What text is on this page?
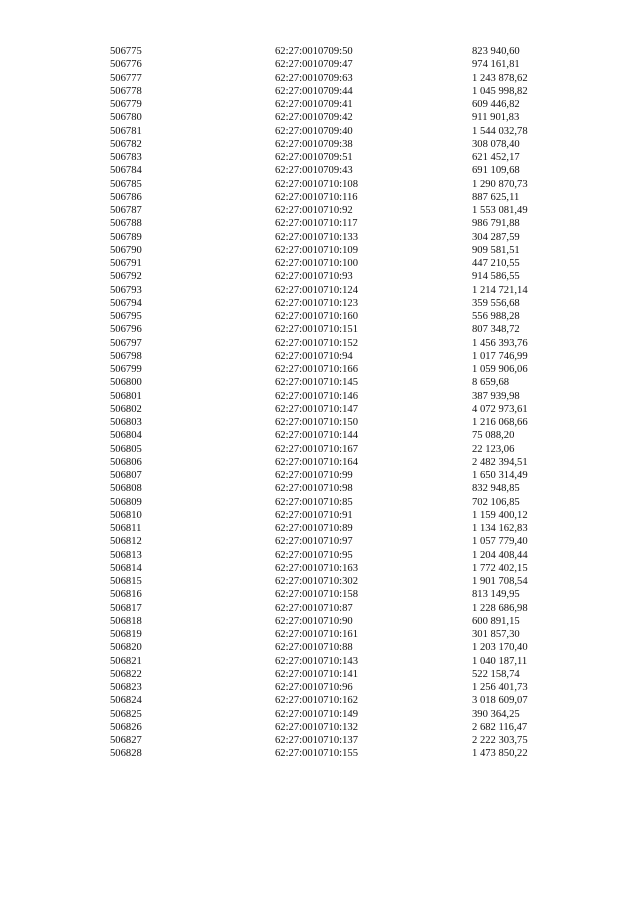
506775	62:27:0010709:50	823 940,60
506776	62:27:0010709:47	974 161,81
506777	62:27:0010709:63	1 243 878,62
506778	62:27:0010709:44	1 045 998,82
506779	62:27:0010709:41	609 446,82
506780	62:27:0010709:42	911 901,83
506781	62:27:0010709:40	1 544 032,78
506782	62:27:0010709:38	308 078,40
506783	62:27:0010709:51	621 452,17
506784	62:27:0010709:43	691 109,68
506785	62:27:0010710:108	1 290 870,73
506786	62:27:0010710:116	887 625,11
506787	62:27:0010710:92	1 553 081,49
506788	62:27:0010710:117	986 791,88
506789	62:27:0010710:133	304 287,59
506790	62:27:0010710:109	909 581,51
506791	62:27:0010710:100	447 210,55
506792	62:27:0010710:93	914 586,55
506793	62:27:0010710:124	1 214 721,14
506794	62:27:0010710:123	359 556,68
506795	62:27:0010710:160	556 988,28
506796	62:27:0010710:151	807 348,72
506797	62:27:0010710:152	1 456 393,76
506798	62:27:0010710:94	1 017 746,99
506799	62:27:0010710:166	1 059 906,06
506800	62:27:0010710:145	8 659,68
506801	62:27:0010710:146	387 939,98
506802	62:27:0010710:147	4 072 973,61
506803	62:27:0010710:150	1 216 068,66
506804	62:27:0010710:144	75 088,20
506805	62:27:0010710:167	22 123,06
506806	62:27:0010710:164	2 482 394,51
506807	62:27:0010710:99	1 650 314,49
506808	62:27:0010710:98	832 948,85
506809	62:27:0010710:85	702 106,85
506810	62:27:0010710:91	1 159 400,12
506811	62:27:0010710:89	1 134 162,83
506812	62:27:0010710:97	1 057 779,40
506813	62:27:0010710:95	1 204 408,44
506814	62:27:0010710:163	1 772 402,15
506815	62:27:0010710:302	1 901 708,54
506816	62:27:0010710:158	813 149,95
506817	62:27:0010710:87	1 228 686,98
506818	62:27:0010710:90	600 891,15
506819	62:27:0010710:161	301 857,30
506820	62:27:0010710:88	1 203 170,40
506821	62:27:0010710:143	1 040 187,11
506822	62:27:0010710:141	522 158,74
506823	62:27:0010710:96	1 256 401,73
506824	62:27:0010710:162	3 018 609,07
506825	62:27:0010710:149	390 364,25
506826	62:27:0010710:132	2 682 116,47
506827	62:27:0010710:137	2 222 303,75
506828	62:27:0010710:155	1 473 850,22
